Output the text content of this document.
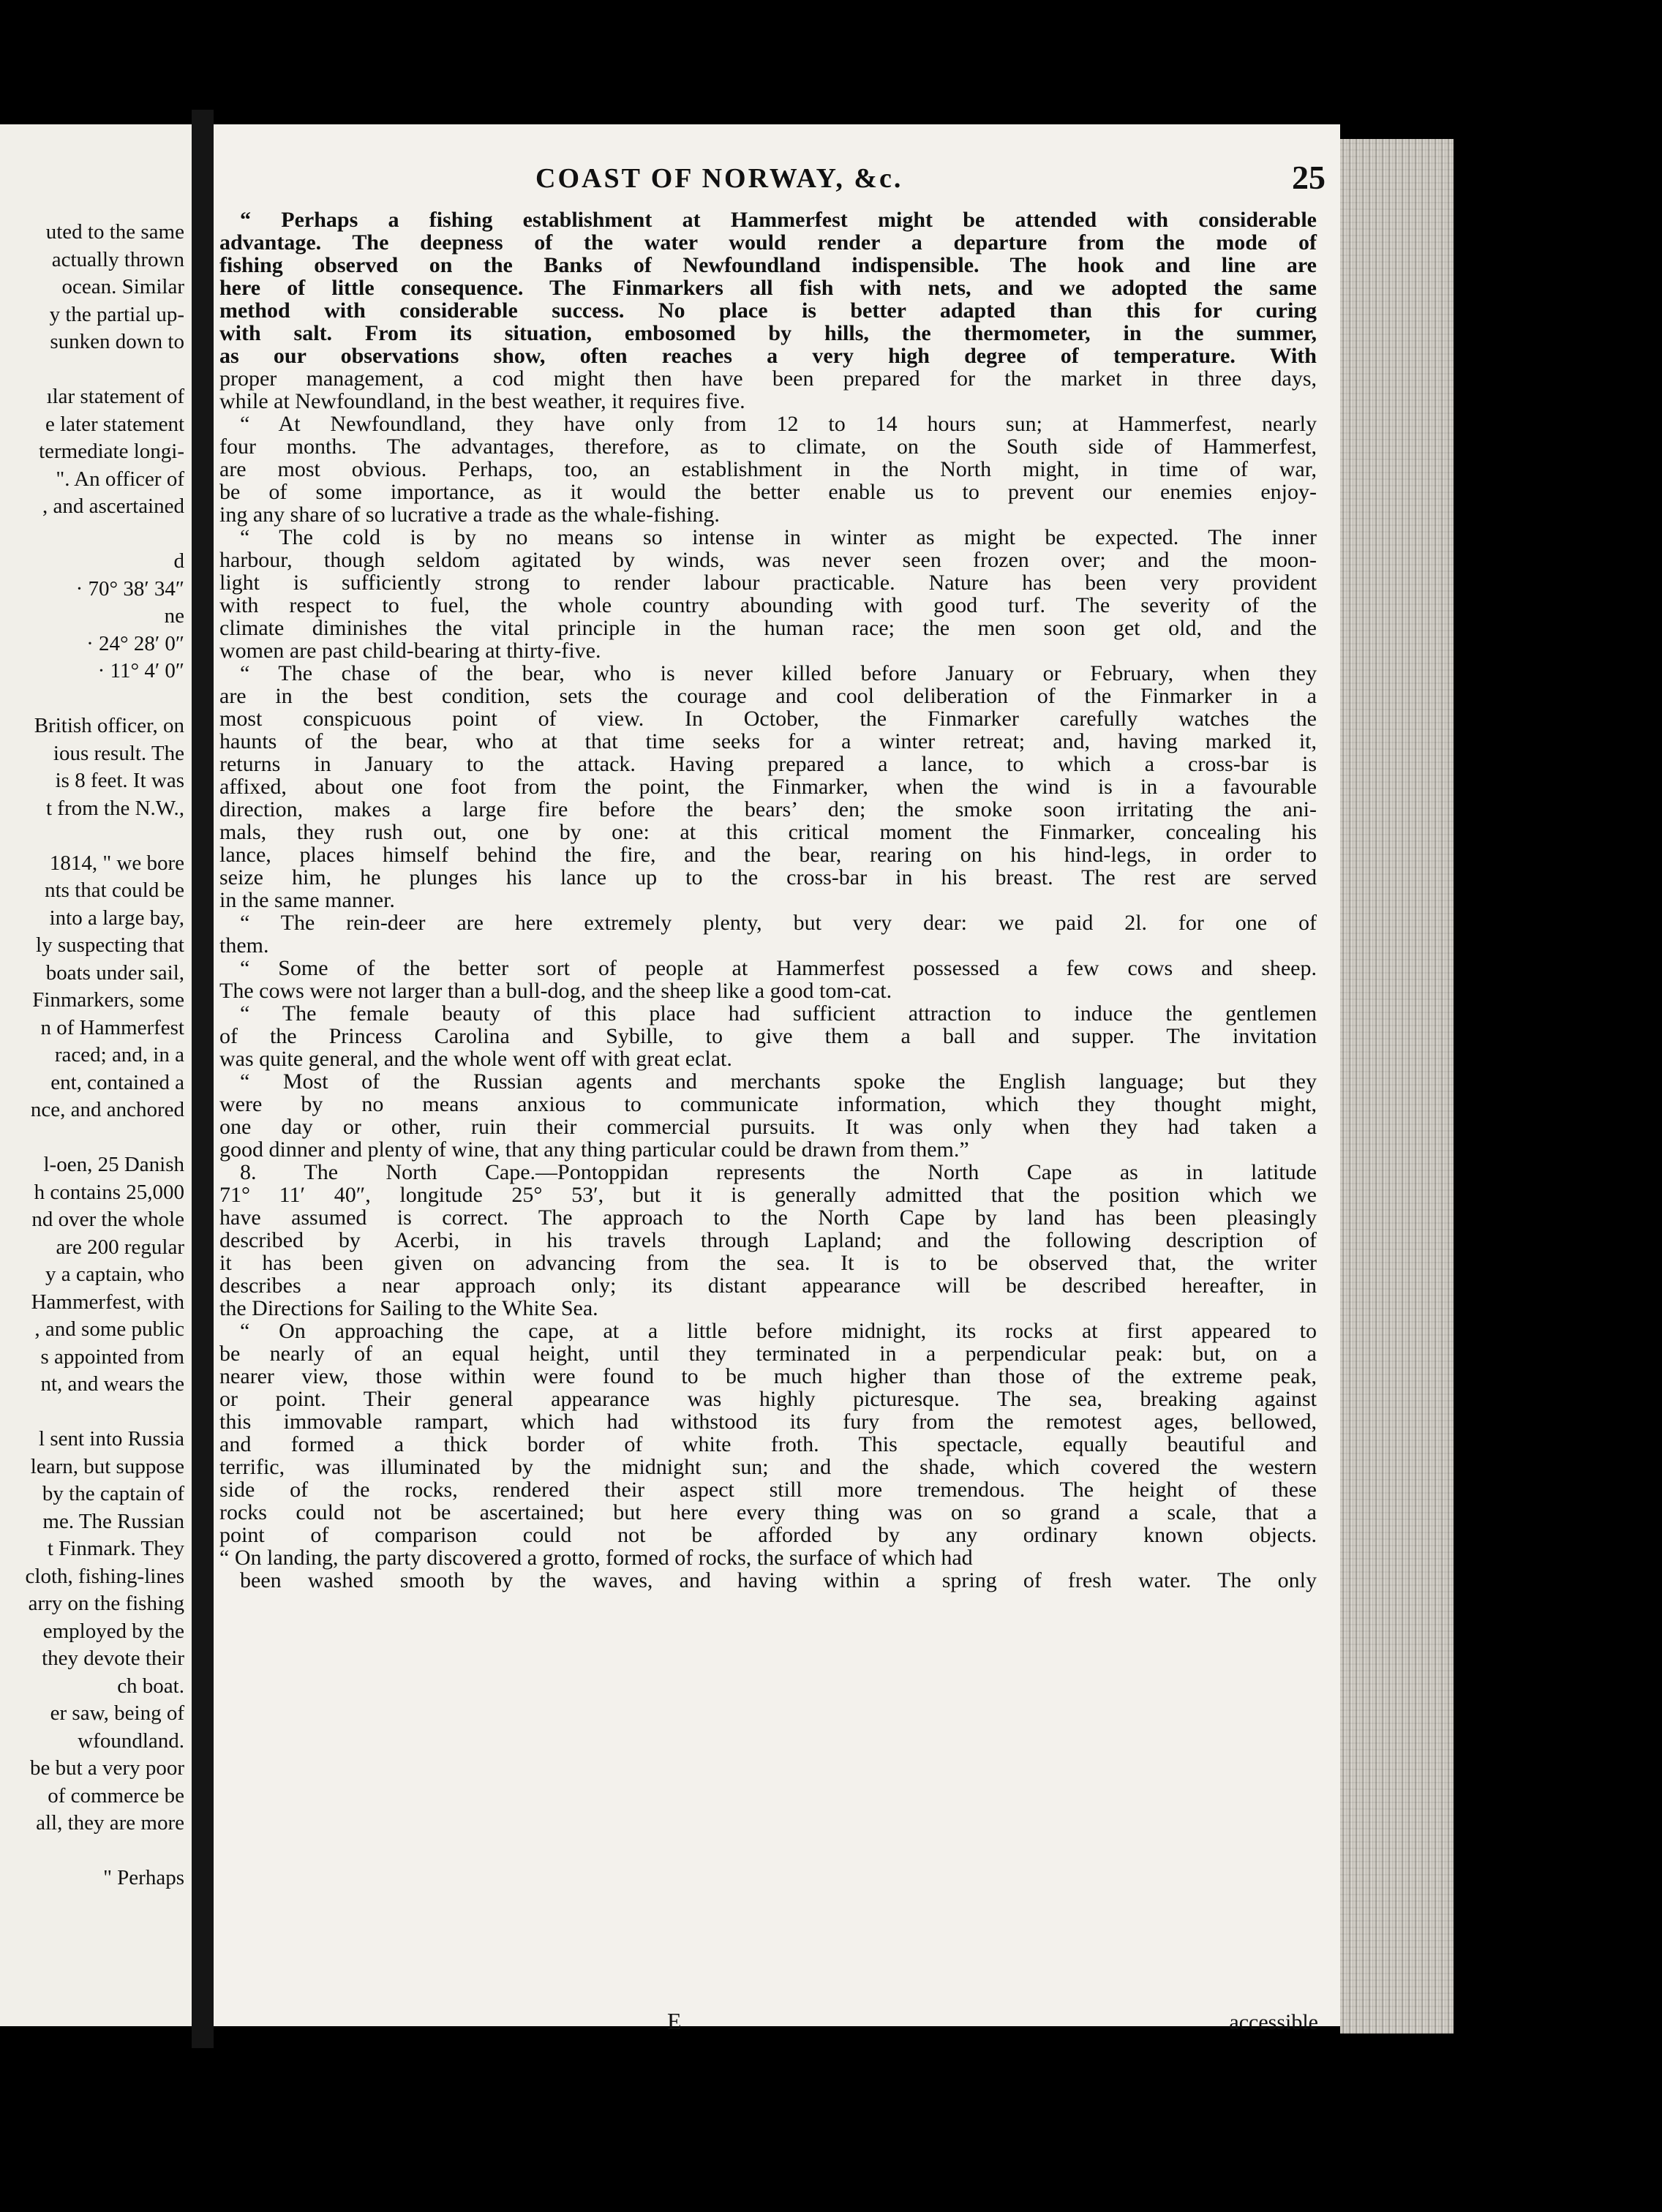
uted to the same
actually thrown
ocean. Similar
y the partial up-
sunken down to
ılar statement of
e later statement
termediate longi-
". An officer of
, and ascertained
d
· 70° 38′ 34″
ne
· 24° 28′ 0″
· 11° 4′ 0″
British officer, on
ious result. The
is 8 feet. It was
t from the N.W.,
1814, " we bore
nts that could be
into a large bay,
ly suspecting that
boats under sail,
Finmarkers, some
n of Hammerfest
raced; and, in a
ent, contained a
nce, and anchored
l-oen, 25 Danish
h contains 25,000
nd over the whole
are 200 regular
y a captain, who
Hammerfest, with
, and some public
s appointed from
nt, and wears the
l sent into Russia
learn, but suppose
by the captain of
me. The Russian
t Finmark. They
cloth, fishing-lines
arry on the fishing
employed by the
they devote their
ch boat.
er saw, being of
wfoundland.
be but a very poor
of commerce be
all, they are more
" Perhaps
COAST OF NORWAY, &c.	25
“ Perhaps a fishing establishment at Hammerfest might be attended with considerable
advantage. The deepness of the water would render a departure from the mode of
fishing observed on the Banks of Newfoundland indispensible. The hook and line are
here of little consequence. The Finmarkers all fish with nets, and we adopted the same
method with considerable success. No place is better adapted than this for curing
with salt. From its situation, embosomed by hills, the thermometer, in the summer,
as our observations show, often reaches a very high degree of temperature. With
proper management, a cod might then have been prepared for the market in three days,
while at Newfoundland, in the best weather, it requires five.
“ At Newfoundland, they have only from 12 to 14 hours sun; at Hammerfest, nearly
four months. The advantages, therefore, as to climate, on the South side of Hammerfest,
are most obvious. Perhaps, too, an establishment in the North might, in time of war,
be of some importance, as it would the better enable us to prevent our enemies enjoy-
ing any share of so lucrative a trade as the whale-fishing.
“ The cold is by no means so intense in winter as might be expected. The inner
harbour, though seldom agitated by winds, was never seen frozen over; and the moon-
light is sufficiently strong to render labour practicable. Nature has been very provident
with respect to fuel, the whole country abounding with good turf. The severity of the
climate diminishes the vital principle in the human race; the men soon get old, and the
women are past child-bearing at thirty-five.
“ The chase of the bear, who is never killed before January or February, when they
are in the best condition, sets the courage and cool deliberation of the Finmarker in a
most conspicuous point of view. In October, the Finmarker carefully watches the
haunts of the bear, who at that time seeks for a winter retreat; and, having marked it,
returns in January to the attack. Having prepared a lance, to which a cross-bar is
affixed, about one foot from the point, the Finmarker, when the wind is in a favourable
direction, makes a large fire before the bears’ den; the smoke soon irritating the ani-
mals, they rush out, one by one: at this critical moment the Finmarker, concealing his
lance, places himself behind the fire, and the bear, rearing on his hind-legs, in order to
seize him, he plunges his lance up to the cross-bar in his breast. The rest are served
in the same manner.
“ The rein-deer are here extremely plenty, but very dear: we paid 2l. for one of
them.
“ Some of the better sort of people at Hammerfest possessed a few cows and sheep.
The cows were not larger than a bull-dog, and the sheep like a good tom-cat.
“ The female beauty of this place had sufficient attraction to induce the gentlemen
of the Princess Carolina and Sybille, to give them a ball and supper. The invitation
was quite general, and the whole went off with great eclat.
“ Most of the Russian agents and merchants spoke the English language; but they
were by no means anxious to communicate information, which they thought might,
one day or other, ruin their commercial pursuits. It was only when they had taken a
good dinner and plenty of wine, that any thing particular could be drawn from them.”
8. The North Cape.—Pontoppidan represents the North Cape as in latitude
71° 11′ 40″, longitude 25° 53′, but it is generally admitted that the position which we
have assumed is correct. The approach to the North Cape by land has been pleasingly
described by Acerbi, in his travels through Lapland; and the following description of
it has been given on advancing from the sea. It is to be observed that, the writer
describes a near approach only; its distant appearance will be described hereafter, in
the Directions for Sailing to the White Sea.
“ On approaching the cape, at a little before midnight, its rocks at first appeared to
be nearly of an equal height, until they terminated in a perpendicular peak: but, on a
nearer view, those within were found to be much higher than those of the extreme peak,
or point. Their general appearance was highly picturesque. The sea, breaking against
this immovable rampart, which had withstood its fury from the remotest ages, bellowed,
and formed a thick border of white froth. This spectacle, equally beautiful and
terrific, was illuminated by the midnight sun; and the shade, which covered the western
side of the rocks, rendered their aspect still more tremendous. The height of these
rocks could not be ascertained; but here every thing was on so grand a scale, that a
point of comparison could not be afforded by any ordinary known objects.
“ On landing, the party discovered a grotto, formed of rocks, the surface of which had
been washed smooth by the waves, and having within a spring of fresh water. The only
E	accessible
